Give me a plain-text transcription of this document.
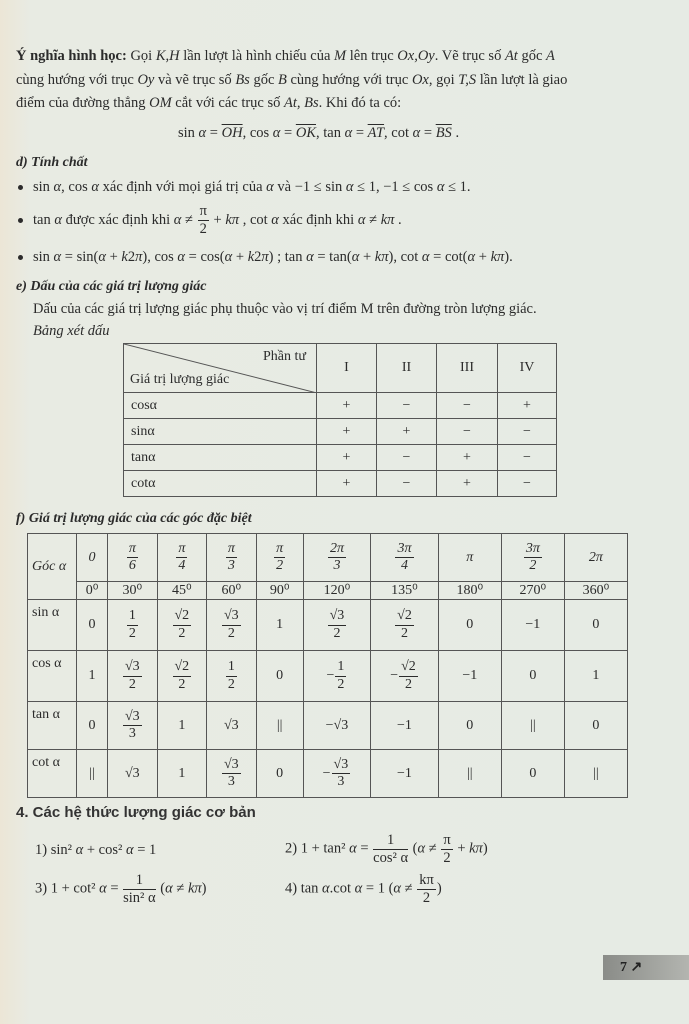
Ý nghĩa hình học: Gọi K,H lần lượt là hình chiếu của M lên trục Ox,Oy. Vẽ trục số At gốc A
cùng hướng với trục Oy và vẽ trục số Bs gốc B cùng hướng với trục Ox, gọi T,S lần lượt là giao
điểm của đường thẳng OM cắt với các trục số At, Bs. Khi đó ta có:
$\sin \alpha = \overline{OH}$, $\cos \alpha = \overline{OK}$, $\tan \alpha = \overline{AT}$, $\cot \alpha = \overline{BS}$ .
d) Tính chất
sin α, cos α xác định với mọi giá trị của α và −1 ≤ sin α ≤ 1, −1 ≤ cos α ≤ 1.
tan α được xác định khi $\alpha \ne \frac{\pi}{2} + k\pi$ , cot α xác định khi α ≠ kπ .
sin α = sin(α + k2π), cos α = cos(α + k2π) ; tan α = tan(α + kπ), cot α = cot(α + kπ).
e) Dấu của các giá trị lượng giác
Dấu của các giá trị lượng giác phụ thuộc vào vị trí điểm M trên đường tròn lượng giác.
Bảng xét dấu
Phần tư
Giá trị lượng giác	I	II	III	IV
cosα	+	−	−	+
sinα	+	+	−	−
tanα	+	−	+	−
cotα	+	−	+	−
f) Giá trị lượng giác của các góc đặc biệt
Góc α	0	$\frac{\pi}{6}$	$\frac{\pi}{4}$	$\frac{\pi}{3}$	$\frac{\pi}{2}$	$\frac{2\pi}{3}$	$\frac{3\pi}{4}$	π	$\frac{3\pi}{2}$	2π
	0⁰	30⁰	45⁰	60⁰	90⁰	120⁰	135⁰	180⁰	270⁰	360⁰
sin α	0	$\frac{1}{2}$	$\frac{√2}{2}$	$\frac{√3}{2}$	1	$\frac{√3}{2}$	$\frac{√2}{2}$	0	−1	0
cos α	1	$\frac{√3}{2}$	$\frac{√2}{2}$	$\frac{1}{2}$	0	− $\frac{1}{2}$	− $\frac{√2}{2}$	−1	0	1
tan α	0	$\frac{√3}{3}$	1	√3	||	−√3	−1	0	||	0
cot α	||	√3	1	$\frac{√3}{3}$	0	− $\frac{√3}{3}$	−1	||	0	||
4. Các hệ thức lượng giác cơ bản
1) sin² α + cos² α = 1	2) 1 + tan² $\alpha = \frac{1}{\text{cos² α}} (\alpha \ne \frac{\pi}{2} + k\pi)$
3) 1 + cot² $\alpha = \frac{1}{\text{sin² α}} (\alpha \ne k\pi)$	4) tan α.cot α = 1 ($\alpha \ne \frac{k\pi}{2}$ )
7 ↗
